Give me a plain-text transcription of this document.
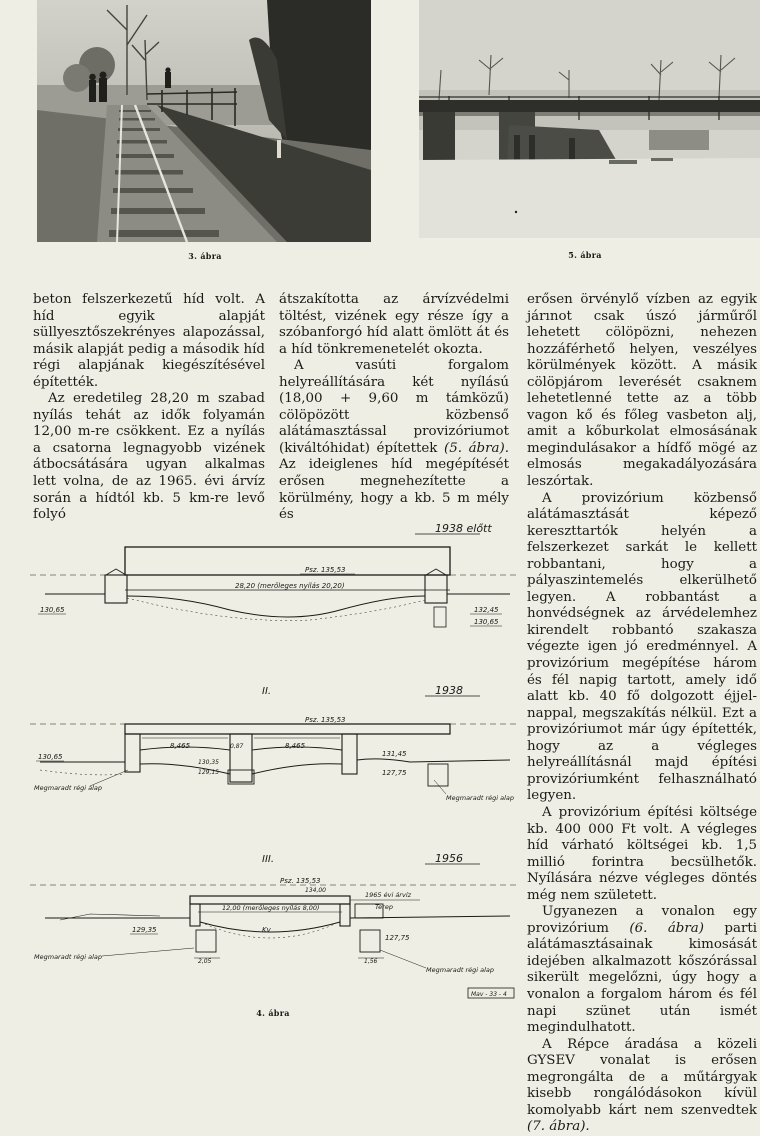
3. ábra	5. ábra

beton felszerkezetű híd volt. A híd egyik alapját süllyesztőszekrényes alapozással, másik alapját pedig a második híd régi alapjának kiegészítésével építették.

Az eredetileg 28,20 m szabad nyílás tehát az idők folyamán 12,00 m-re csökkent. Ez a nyílás a csatorna legnagyobb vizének átbocsátására ugyan alkalmas lett volna, de az 1965. évi árvíz során a hídtól kb. 5 km-re levő folyó

átszakította az árvízvédelmi töltést, vizének egy része így a szóbanforgó híd alatt ömlött át és a híd tönkremenetelét okozta.

A vasúti forgalom helyreállítására két nyílású (18,00 + 9,60 m támközű) cölöpözött közbenső alátámasztással provizóriumot (kiváltóhidat) építettek (5. ábra). Az ideiglenes híd megépítését erősen megnehezítette a körülmény, hogy a kb. 5 m mély és

erősen örvénylő vízben az egyik járınot csak úszó járműről lehetett cölöpözni, nehezen hozzáférhető helyen, veszélyes körülmények között. A másik cölöpjárom leverését csaknem lehetetlenné tette az a több vagon kő és főleg vasbeton alj, amit a kőburkolat elmosásának megindulásakor a hídfő mögé az elmosás megakadályozására leszórtak.

A provizórium közbenső alátámasztását képező kereszttartók helyén a felszerkezet sarkát le kellett robbantani, hogy a pályaszintemelés elkerülhető legyen. A robbantást a honvédségnek az árvédelemhez kirendelt robbantó szakasza végezte igen jó eredménnyel. A provizórium megépítése három és fél napig tartott, amely idő alatt kb. 40 fő dolgozott éjjel-nappal, megszakítás nélkül. Ezt a provizóriumot már úgy építették, hogy az a végleges helyreállításnál majd építési provizóriumként felhasználható legyen.

A provizórium építési költsége kb. 400 000 Ft volt. A végleges híd várható költségei kb. 1,5 millió forintra becsülhetők. Nyílására nézve végleges döntés még nem született.

Ugyanezen a vonalon egy provizórium (6. ábra) parti alátámasztásainak kimosását idejében alkalmazott kőszórással sikerült megelőzni, úgy hogy a vonalon a forgalom három és fél napi szünet után ismét megindulhatott.

A Répce áradása a közeli GYSEV vonalat is erősen megrongálta de a műtárgyak kisebb rongálódásokon kívül komolyabb kárt nem szenvedtek (7. ábra).

1938 előtt
Psz. 135,53
28,20 (merőleges nyílás 20,20)
130,65	132,45
130,65
II.	1938
Psz. 135,53
8,465	0,87	8,465
130,65
130,35
129,15
131,45
127,75
Megmaradt régi alap
Megmaradt régi alap
III.	1956
Psz. 135,53
134,00
1965 évi árvíz
Terep
12,00 (merőleges nyílás 8,00)
Kv
129,35
127,75
2,05	1,56
Megmaradt régi alap
Megmaradt régi alap
Mav - 33 - 4
4. ábra
